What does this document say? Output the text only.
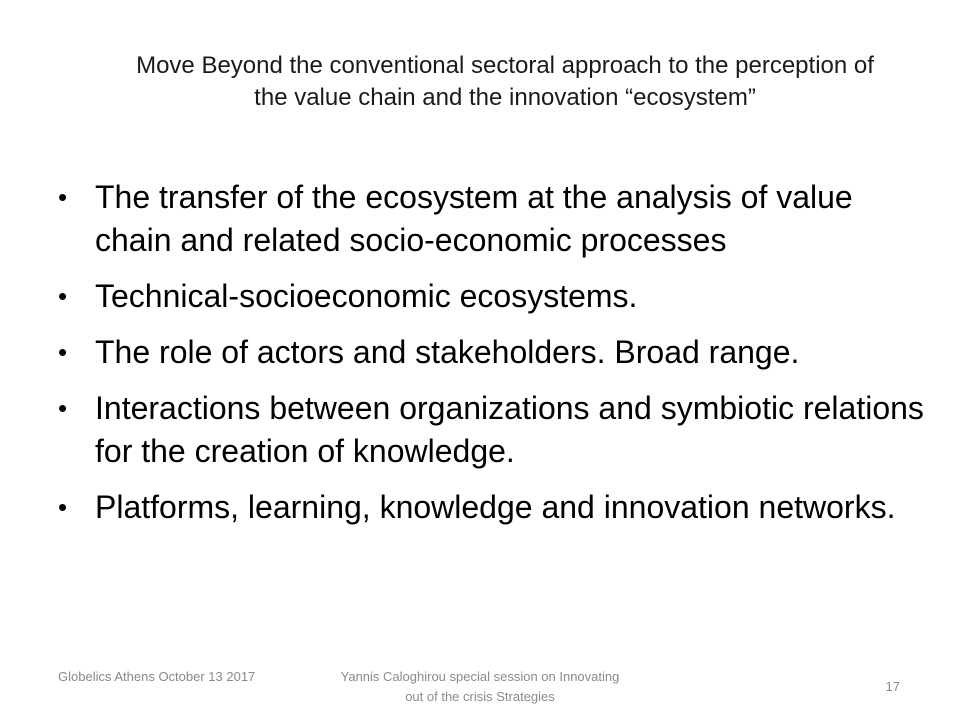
Move Beyond the conventional sectoral approach to the perception of the value chain and the innovation “ecosystem”
• The transfer of the ecosystem at the analysis of value chain and related socio-economic processes
• Technical-socioeconomic ecosystems.
• The role of actors and stakeholders. Broad range.
• Interactions between organizations and symbiotic relations for the creation of knowledge.
• Platforms, learning, knowledge and innovation networks.
Globelics Athens October 13 2017	Yannis Caloghirou special session on Innovating out of the crisis Strategies
17
